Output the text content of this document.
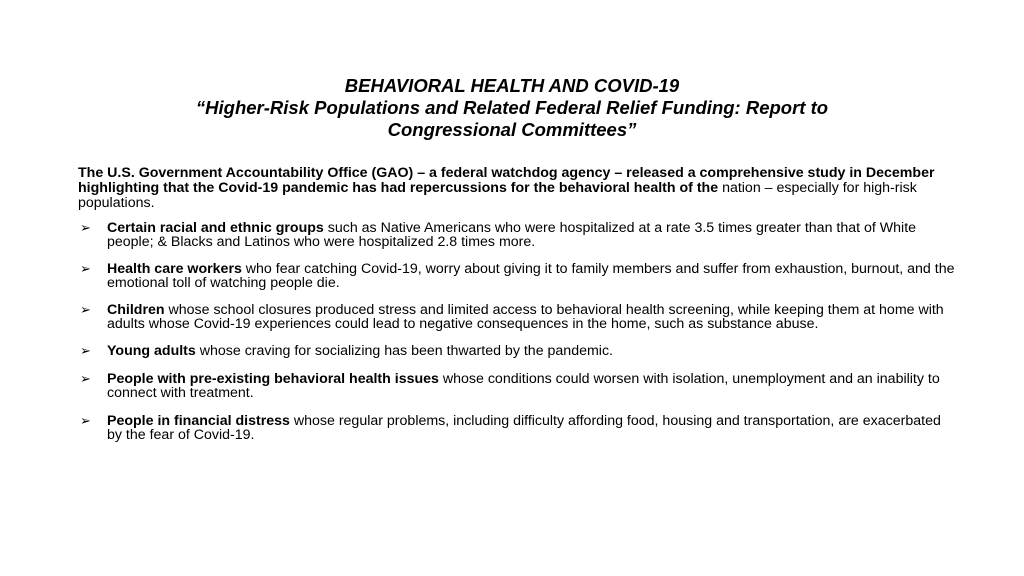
BEHAVIORAL HEALTH AND COVID-19
“Higher-Risk Populations and Related Federal Relief Funding: Report to
Congressional Committees”
The U.S. Government Accountability Office (GAO) – a federal watchdog agency – released a comprehensive study in December highlighting that the Covid-19 pandemic has had repercussions for the behavioral health of the nation – especially for high-risk populations.
➢ Certain racial and ethnic groups such as Native Americans who were hospitalized at a rate 3.5 times greater than that of White people; & Blacks and Latinos who were hospitalized 2.8 times more.
➢ Health care workers who fear catching Covid-19, worry about giving it to family members and suffer from exhaustion, burnout, and the emotional toll of watching people die.
➢ Children whose school closures produced stress and limited access to behavioral health screening, while keeping them at home with adults whose Covid-19 experiences could lead to negative consequences in the home, such as substance abuse.
➢ Young adults whose craving for socializing has been thwarted by the pandemic.
➢ People with pre-existing behavioral health issues whose conditions could worsen with isolation, unemployment and an inability to connect with treatment.
➢ People in financial distress whose regular problems, including difficulty affording food, housing and transportation, are exacerbated by the fear of Covid-19.
